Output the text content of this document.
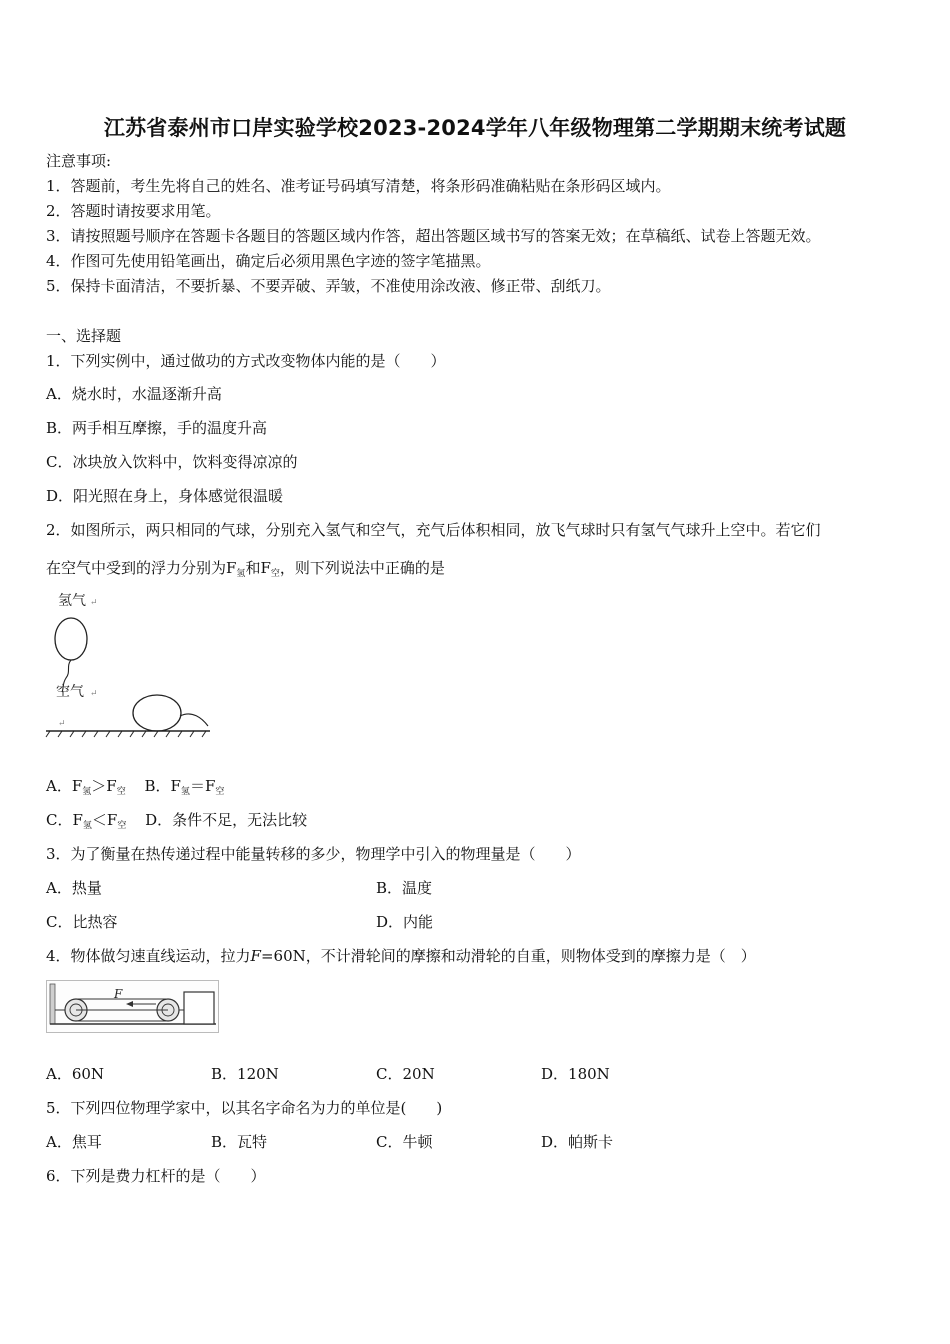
江苏省泰州市口岸实验学校2023-2024学年八年级物理第二学期期末统考试题
注意事项:
1．答题前，考生先将自己的姓名、准考证号码填写清楚，将条形码准确粘贴在条形码区域内。
2．答题时请按要求用笔。
3．请按照题号顺序在答题卡各题目的答题区域内作答，超出答题区域书写的答案无效；在草稿纸、试卷上答题无效。
4．作图可先使用铅笔画出，确定后必须用黑色字迹的签字笔描黑。
5．保持卡面清洁，不要折暴、不要弄破、弄皱，不准使用涂改液、修正带、刮纸刀。
一、选择题
1．下列实例中，通过做功的方式改变物体内能的是（　　）
A．烧水时，水温逐渐升高
B．两手相互摩擦，手的温度升高
C．冰块放入饮料中，饮料变得凉凉的
D．阳光照在身上，身体感觉很温暖
2．如图所示，两只相同的气球，分别充入氢气和空气，充气后体积相同，放飞气球时只有氢气气球升上空中。若它们
在空气中受到的浮力分别为$F_氢$和$F_空$，则下列说法中正确的是
氢气 ↵
空气 ↵
↵
A．$F_氢>F_空$ B．$F_氢=F_空$
C．$F_氢<F_空$ D．条件不足，无法比较
3．为了衡量在热传递过程中能量转移的多少，物理学中引入的物理量是（　　）
A．热量	B．温度
C．比热容	D．内能
4．物体做匀速直线运动，拉力F=60N，不计滑轮间的摩擦和动滑轮的自重，则物体受到的摩擦力是（　）
F
A．60N	B．120N	C．20N	D．180N
5．下列四位物理学家中，以其名字命名为力的单位是(　　)
A．焦耳	B．瓦特	C．牛顿	D．帕斯卡
6．下列是费力杠杆的是（　　）
